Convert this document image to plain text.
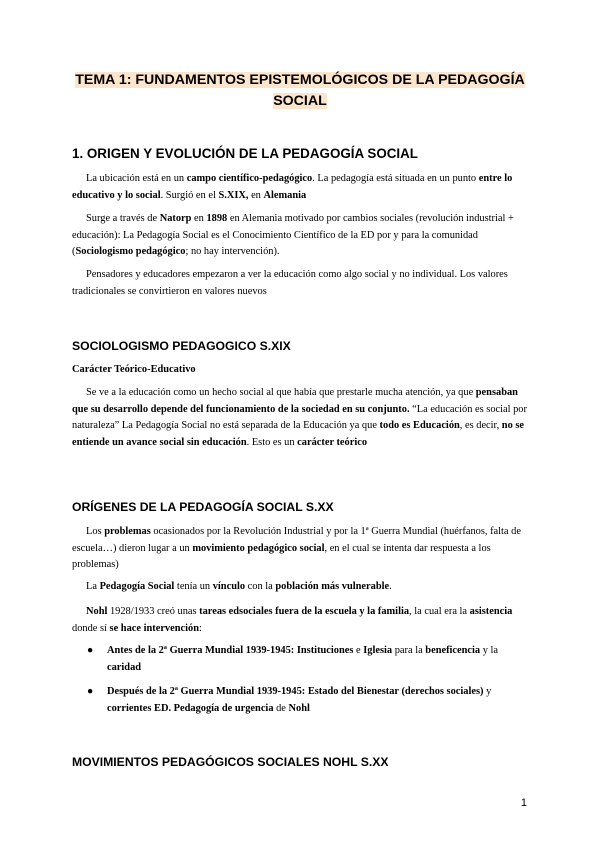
TEMA 1: FUNDAMENTOS EPISTEMOLÓGICOS DE LA PEDAGOGÍA
SOCIAL
1. ORIGEN Y EVOLUCIÓN DE LA PEDAGOGÍA SOCIAL

La ubicación está en un campo científico-pedagógico. La pedagogía está situada en un punto entre lo educativo y lo social. Surgió en el S.XIX, en Alemania

Surge a través de Natorp en 1898 en Alemania motivado por cambios sociales (revolución industrial + educación): La Pedagogía Social es el Conocimiento Científico de la ED por y para la comunidad (Sociologismo pedagógico; no hay intervención).

Pensadores y educadores empezaron a ver la educación como algo social y no individual. Los valores tradicionales se convirtieron en valores nuevos

SOCIOLOGISMO PEDAGOGICO S.XIX

Carácter Teórico-Educativo

Se ve a la educación como un hecho social al que había que prestarle mucha atención, ya que pensaban que su desarrollo depende del funcionamiento de la sociedad en su conjunto. “La educación es social por naturaleza” La Pedagogía Social no está separada de la Educación ya que todo es Educación, es decir, no se entiende un avance social sin educación. Esto es un carácter teórico

ORÍGENES DE LA PEDAGOGÍA SOCIAL S.XX

Los problemas ocasionados por la Revolución Industrial y por la 1ª Guerra Mundial (huérfanos, falta de escuela…) dieron lugar a un movimiento pedagógico social, en el cual se intenta dar respuesta a los problemas)

La Pedagogía Social tenía un vínculo con la población más vulnerable.

Nohl 1928/1933 creó unas tareas edsociales fuera de la escuela y la familia, la cual era la asistencia donde sí se hace intervención:

● Antes de la 2ª Guerra Mundial 1939-1945: Instituciones e Iglesia para la beneficencia y la caridad
● Después de la 2ª Guerra Mundial 1939-1945: Estado del Bienestar (derechos sociales) y corrientes ED. Pedagogía de urgencia de Nohl
MOVIMIENTOS PEDAGÓGICOS SOCIALES NOHL S.XX
1
